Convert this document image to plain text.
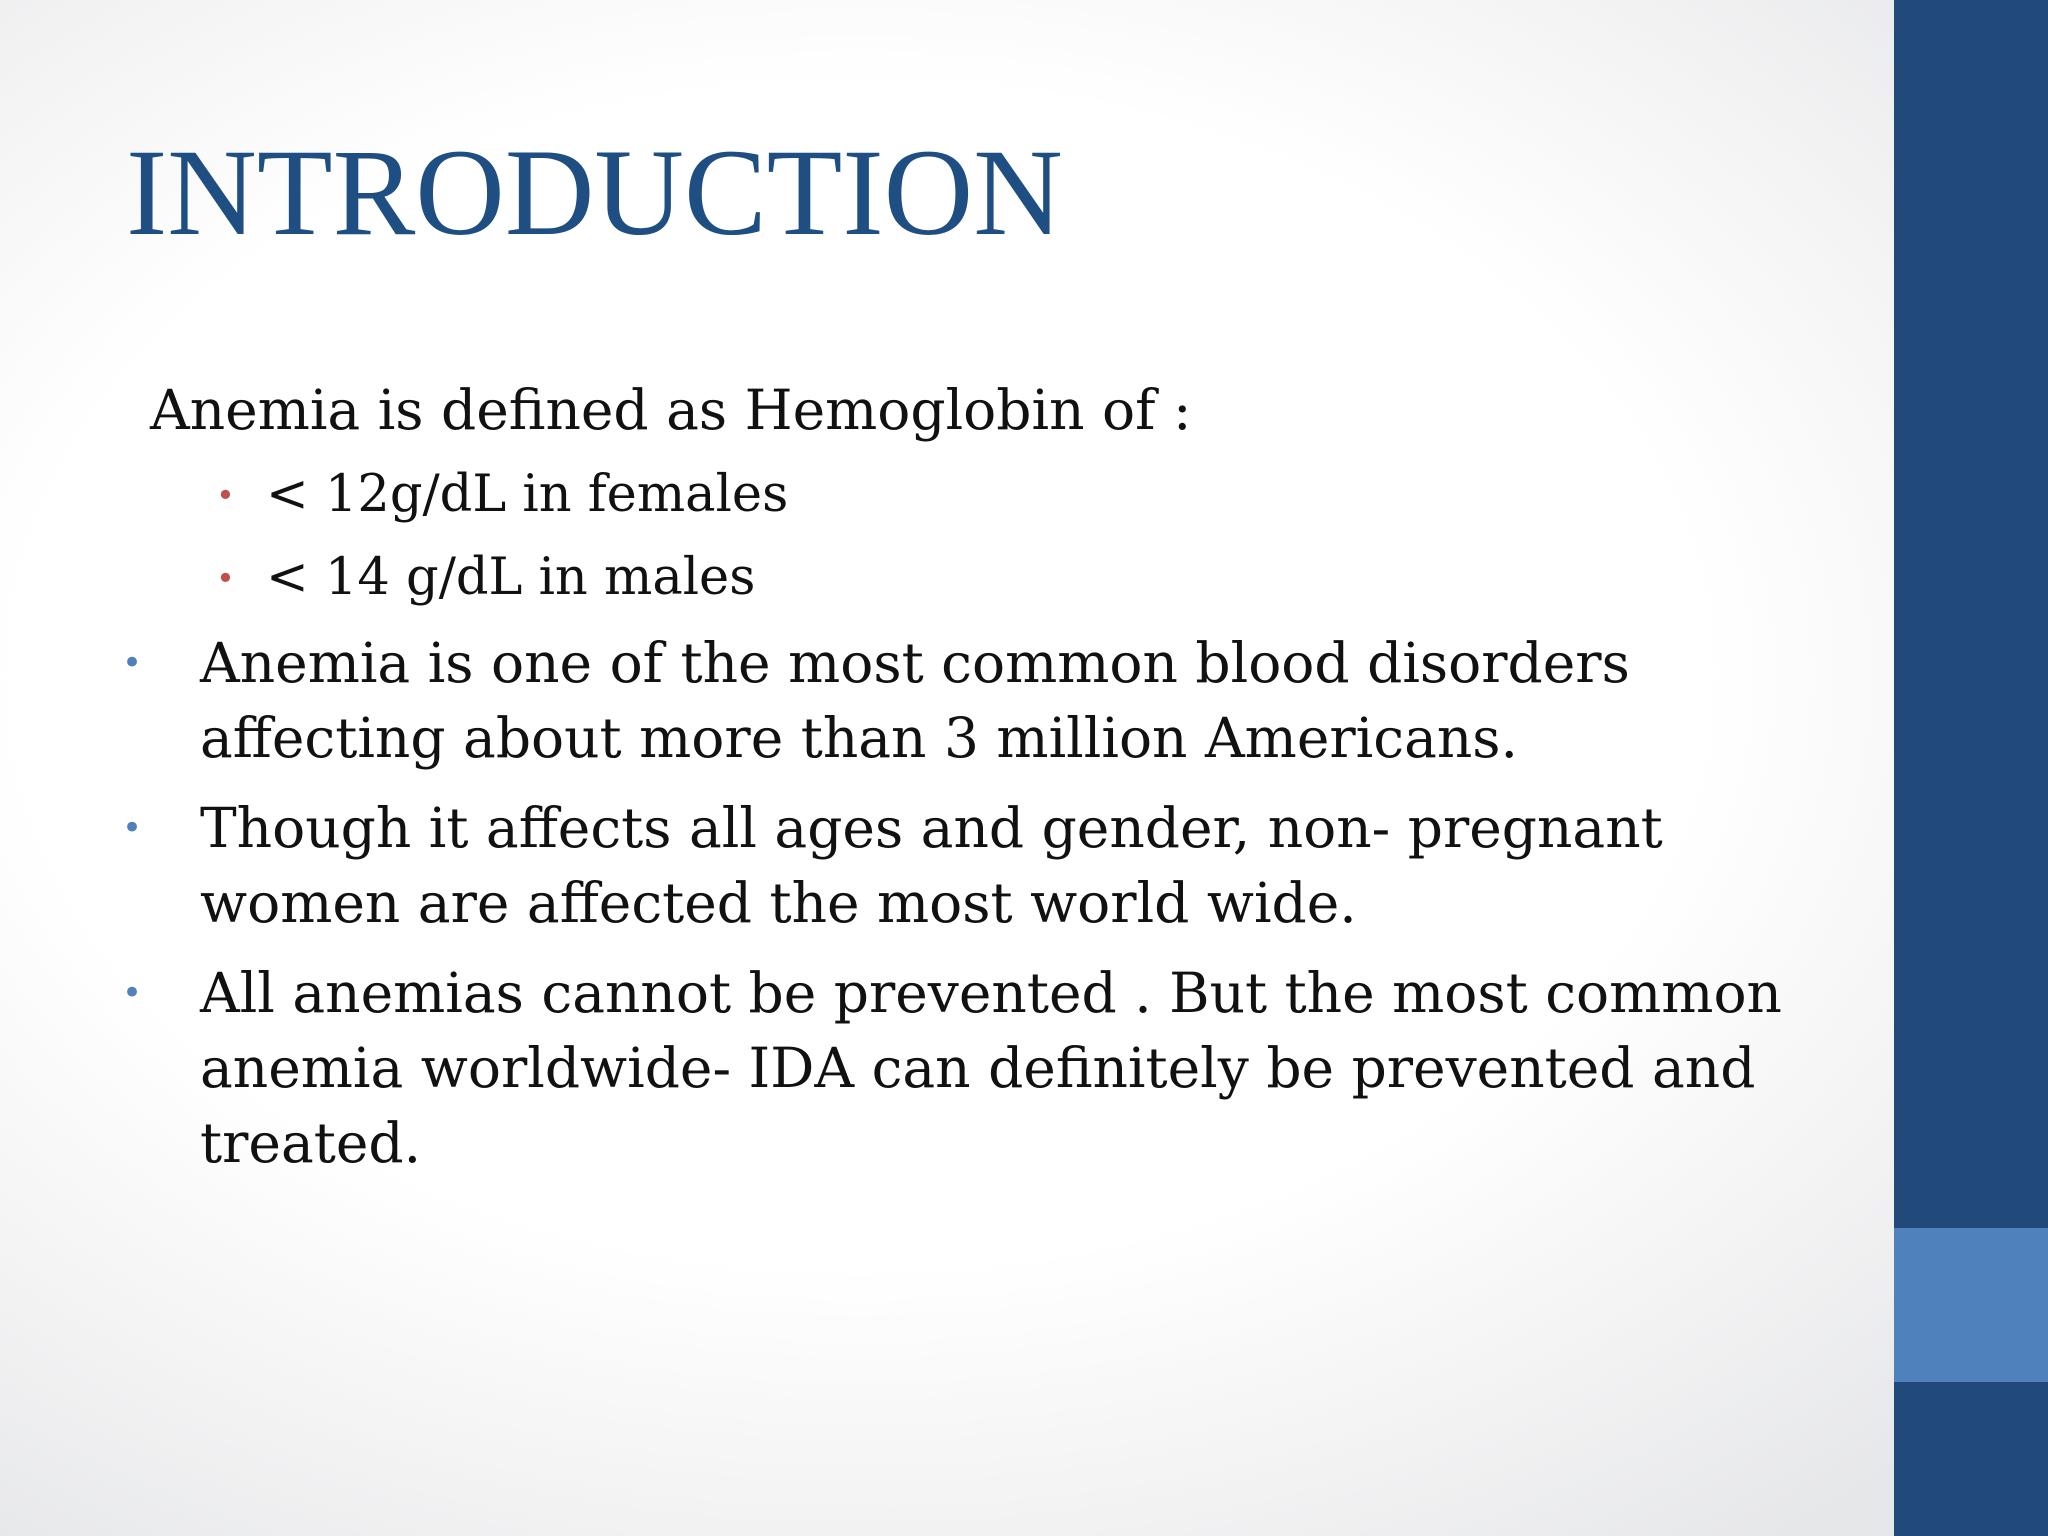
INTRODUCTION
Anemia is defined as Hemoglobin of :
• < 12g/dL in females
• < 14 g/dL in males
• Anemia is one of the most common blood disorders affecting about more than 3 million Americans.
• Though it affects all ages and gender, non- pregnant women are affected the most world wide.
• All anemias cannot be prevented . But the most common anemia worldwide- IDA can definitely be prevented and treated.
